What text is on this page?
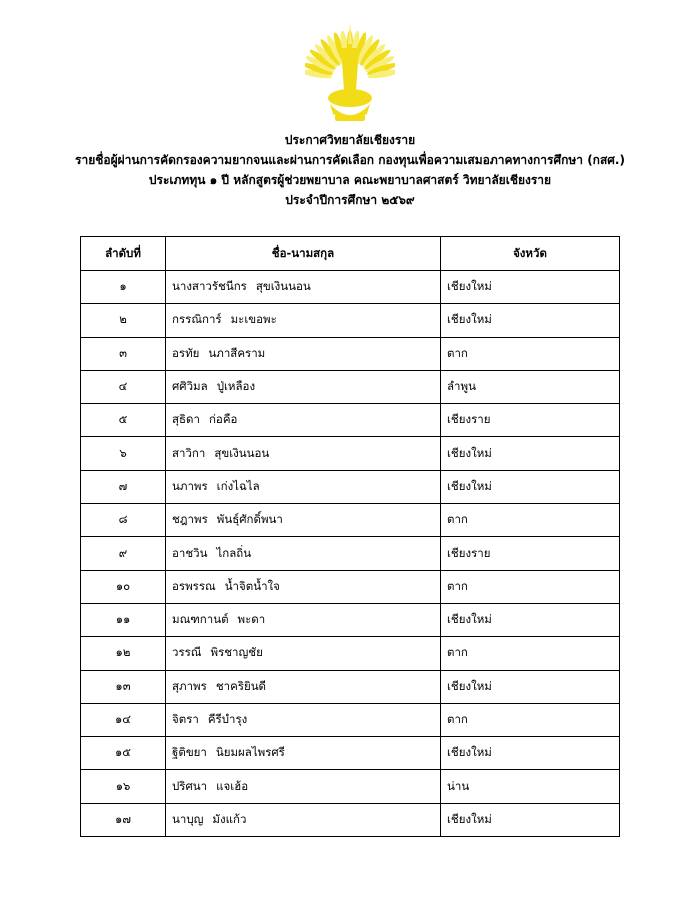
ประกาศวิทยาลัยเชียงราย
รายชื่อผู้ผ่านการคัดกรองความยากจนและผ่านการคัดเลือก กองทุนเพื่อความเสมอภาคทางการศึกษา (กสศ.)
ประเภททุน ๑ ปี หลักสูตรผู้ช่วยพยาบาล คณะพยาบาลศาสตร์ วิทยาลัยเชียงราย
ประจำปีการศึกษา ๒๕๖๙
ลำดับที่	ชื่อ-นามสกุล	จังหวัด
๑	นางสาวรัชนีกร สุขเงินนอน	เชียงใหม่
๒	กรรณิการ์ มะเขอพะ	เชียงใหม่
๓	อรทัย นภาสีคราม	ตาก
๔	ศศิวิมล ปู่เหลือง	ลำพูน
๕	สุธิดา ก่อคือ	เชียงราย
๖	สาวิกา สุขเงินนอน	เชียงใหม่
๗	นภาพร เก่งไฉไล	เชียงใหม่
๘	ชฎาพร พันธุ์ศักดิ์พนา	ตาก
๙	อาชวิน ไกลถิ่น	เชียงราย
๑๐	อรพรรณ น้ำจิตน้ำใจ	ตาก
๑๑	มณฑกานต์ พะดา	เชียงใหม่
๑๒	วรรณี พิรชาญชัย	ตาก
๑๓	สุภาพร ชาคริยินดี	เชียงใหม่
๑๔	จิตรา คีรีบำรุง	ตาก
๑๕	ฐิติขยา นิยมผลไพรศรี	เชียงใหม่
๑๖	ปริศนา แจเฮ้อ	น่าน
๑๗	นาบุญ มังแก้ว	เชียงใหม่
